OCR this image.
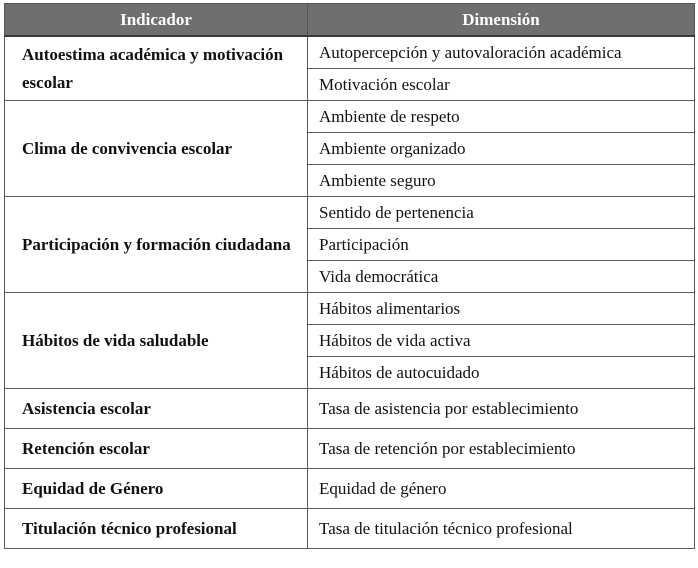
Indicador	Dimensión
Autoestima académica y motivación escolar	Autopercepción y autovaloración académica
	Motivación escolar
Clima de convivencia escolar	Ambiente de respeto
	Ambiente organizado
	Ambiente seguro
Participación y formación ciudadana	Sentido de pertenencia
	Participación
	Vida democrática
Hábitos de vida saludable	Hábitos alimentarios
	Hábitos de vida activa
	Hábitos de autocuidado
Asistencia escolar	Tasa de asistencia por establecimiento
Retención escolar	Tasa de retención por establecimiento
Equidad de Género	Equidad de género
Titulación técnico profesional	Tasa de titulación técnico profesional
